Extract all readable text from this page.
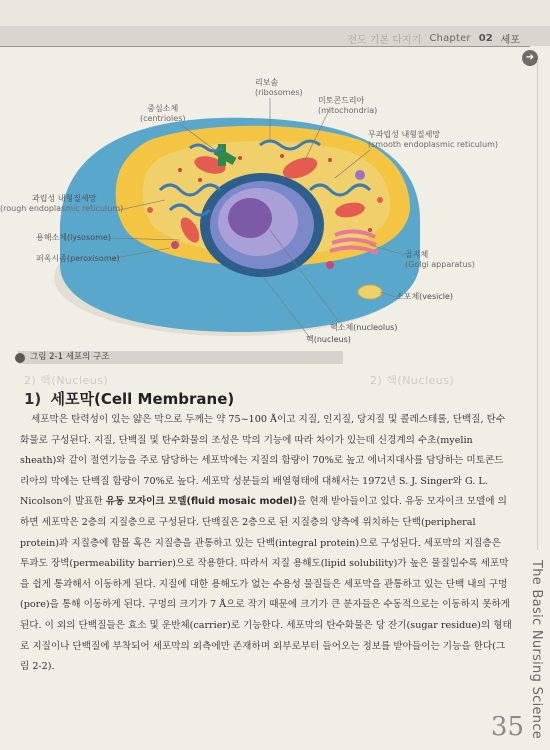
전도 기본 다지기 Chapter 02 세포
➜
리보솜
(ribosomes)
중심소체
(centrioles)
미토콘드리아
(mitochondria)
무과립성 내형질세망
(smooth endoplasmic reticulum)
과립성 내형질세망
(rough endoplasmic reticulum)
용해소체(lysosome)
퍼옥시좀(peroxisome)	골지체
(Golgi apparatus)
소포체(vesicle)
핵소체(nucleolus)
핵(nucleus)
그림 2-1 세포의 구조
2) 핵(Nucleus)	2) 핵(Nucleus)
1) 세포막(Cell Membrane)

세포막은 탄력성이 있는 얇은 막으로 두께는 약 75~100 Å이고 지질, 인지질, 당지질 및 콜레스테롤, 단백질, 탄수화물로 구성된다. 지질, 단백질 및 탄수화물의 조성은 막의 기능에 따라 차이가 있는데 신경계의 수초(myelin sheath)와 같이 절연기능을 주로 담당하는 세포막에는 지질의 함량이 70%로 높고 에너지대사를 담당하는 미토콘드리아의 막에는 단백질 함량이 70%로 높다. 세포막 성분들의 배열형태에 대해서는 1972년 S. J. Singer와 G. L. Nicolson이 발표한 유동 모자이크 모델(fluid mosaic model)을 현재 받아들이고 있다. 유동 모자이크 모델에 의하면 세포막은 2층의 지질층으로 구성된다. 단백질은 2층으로 된 지질층의 양측에 위치하는 단백(peripheral protein)과 지질층에 함몰 혹은 지질층을 관통하고 있는 단백(integral protein)으로 구성된다. 세포막의 지질층은 투과도 장벽(permeability barrier)으로 작용한다. 따라서 지질 용해도(lipid solubility)가 높은 물질일수록 세포막을 쉽게 통과해서 이동하게 된다. 지질에 대한 용해도가 없는 수용성 물질들은 세포막을 관통하고 있는 단백 내의 구멍(pore)을 통해 이동하게 된다. 구멍의 크기가 7 Å으로 작기 때문에 크기가 큰 분자들은 수동적으로는 이동하지 못하게 된다. 이 외의 단백질들은 효소 및 운반체(carrier)로 기능한다. 세포막의 탄수화물은 당 잔기(sugar residue)의 형태로 지질이나 단백질에 부착되어 세포막의 외측에만 존재하며 외부로부터 들어오는 정보를 받아들이는 기능을 한다(그림 2-2).	The Basic Nursing Science
35
